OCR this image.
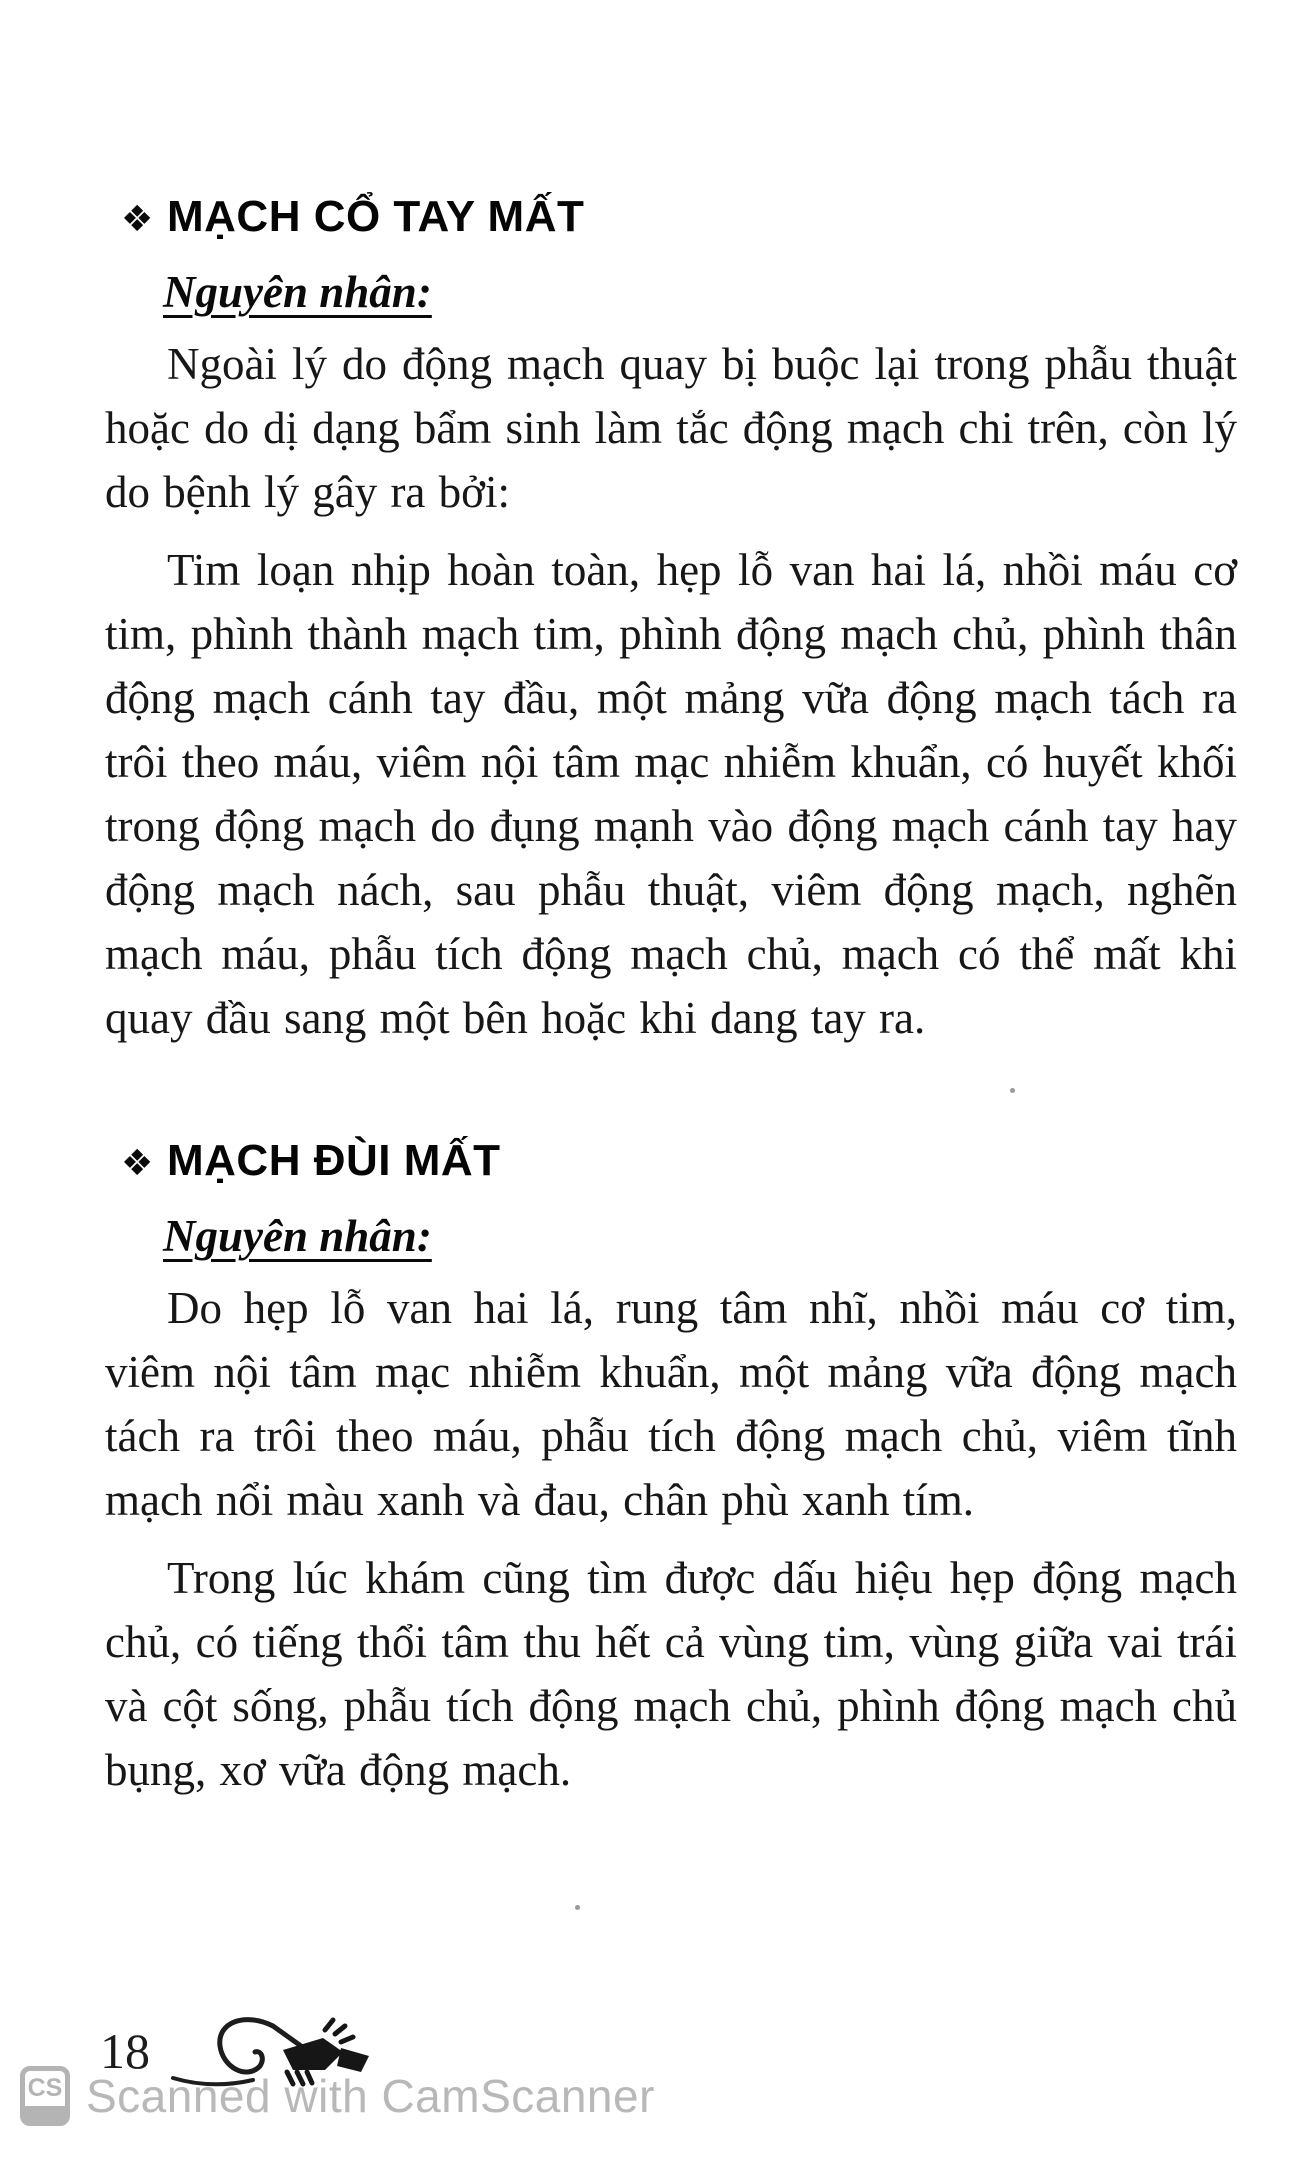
❖ MẠCH CỔ TAY MẤT
Nguyên nhân:

Ngoài lý do động mạch quay bị buộc lại trong phẫu thuật hoặc do dị dạng bẩm sinh làm tắc động mạch chi trên, còn lý do bệnh lý gây ra bởi:

Tim loạn nhịp hoàn toàn, hẹp lỗ van hai lá, nhồi máu cơ tim, phình thành mạch tim, phình động mạch chủ, phình thân động mạch cánh tay đầu, một mảng vữa động mạch tách ra trôi theo máu, viêm nội tâm mạc nhiễm khuẩn, có huyết khối trong động mạch do đụng mạnh vào động mạch cánh tay hay động mạch nách, sau phẫu thuật, viêm động mạch, nghẽn mạch máu, phẫu tích động mạch chủ, mạch có thể mất khi quay đầu sang một bên hoặc khi dang tay ra.

❖ MẠCH ĐÙI MẤT
Nguyên nhân:

Do hẹp lỗ van hai lá, rung tâm nhĩ, nhồi máu cơ tim, viêm nội tâm mạc nhiễm khuẩn, một mảng vữa động mạch tách ra trôi theo máu, phẫu tích động mạch chủ, viêm tĩnh mạch nổi màu xanh và đau, chân phù xanh tím.

Trong lúc khám cũng tìm được dấu hiệu hẹp động mạch chủ, có tiếng thổi tâm thu hết cả vùng tim, vùng giữa vai trái và cột sống, phẫu tích động mạch chủ, phình động mạch chủ bụng, xơ vữa động mạch.

18
CS Scanned with CamScanner
